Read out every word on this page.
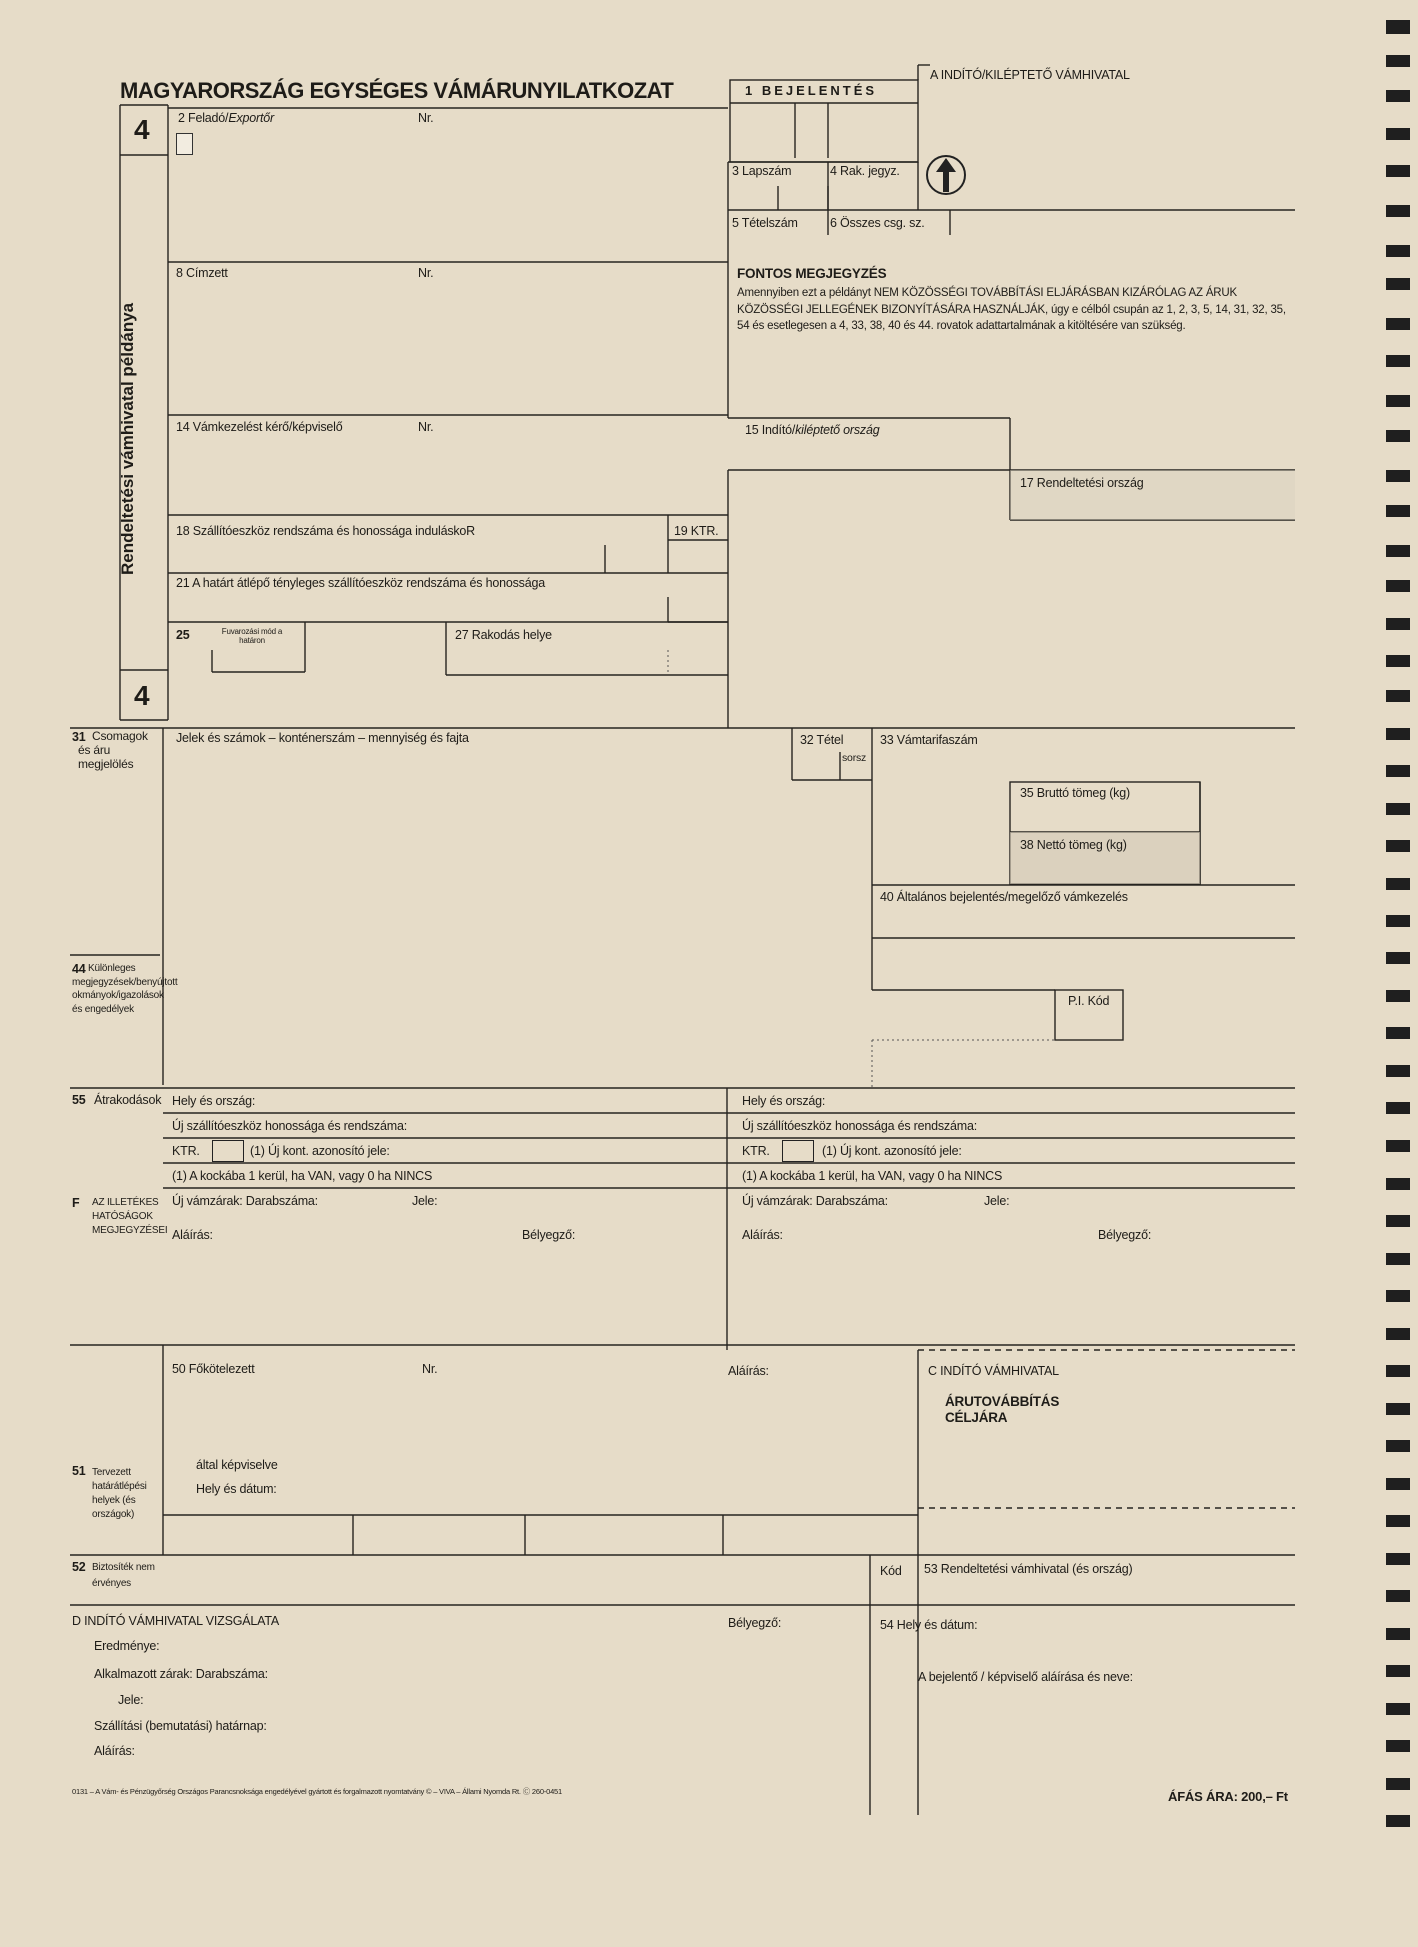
MAGYARORSZÁG EGYSÉGES VÁMÁRUNYILATKOZAT	1 BEJELENTÉS
A INDÍTÓ/KILÉPTETŐ VÁMHIVATAL
4
4
Rendeltetési vámhivatal példánya
2 Feladó/Exportőr	Nr.
3 Lapszám	4 Rak. jegyz.
5 Tételszám	6 Összes csg. sz.
8 Címzett	Nr.	FONTOS MEGJEGYZÉS
Amennyiben ezt a példányt NEM KÖZÖSSÉGI TOVÁBBÍTÁSI ELJÁRÁSBAN KIZÁRÓLAG AZ ÁRUK KÖZÖSSÉGI JELLEGÉNEK BIZONYÍTÁSÁRA HASZNÁLJÁK, úgy e célból csupán az 1, 2, 3, 5, 14, 31, 32, 35, 54 és esetlegesen a 4, 33, 38, 40 és 44. rovatok adattartalmának a kitöltésére van szükség.
14 Vámkezelést kérő/képviselő	Nr.	15 Indító/kiléptető ország
17 Rendeltetési ország
18 Szállítóeszköz rendszáma és honossága induláskoR	19 KTR.
21 A határt átlépő tényleges szállítóeszköz rendszáma és honossága
25	Fuvarozási mód a határon	27 Rakodás helye
31 Csomagok és áru megjelölés
Jelek és számok – konténerszám – mennyiség és fajta	32 Tétel
sorsz
33 Vámtarifaszám
35 Bruttó tömeg (kg)
38 Nettó tömeg (kg)
40 Általános bejelentés/megelőző vámkezelés
44 Különleges megjegyzések/benyújtott okmányok/igazolások és engedélyek
P.I. Kód
55 Átrakodások Hely és ország:
Új szállítóeszköz honossága és rendszáma:
KTR.	(1) Új kont. azonosító jele:
(1) A kockába 1 kerül, ha VAN, vagy 0 ha NINCS
Új vámzárak: Darabszáma:	Jele:
Aláírás:	Bélyegző:
Hely és ország:
Új szállítóeszköz honossága és rendszáma:
KTR.	(1) Új kont. azonosító jele:
(1) A kockába 1 kerül, ha VAN, vagy 0 ha NINCS
Új vámzárak: Darabszáma:	Jele:
Aláírás:	Bélyegző:
F AZ ILLETÉKES HATÓSÁGOK MEGJEGYZÉSEI
50 Főkötelezett	Nr.	Aláírás:
által képviselve
Hely és dátum:
C INDÍTÓ VÁMHIVATAL
ÁRUTOVÁBBÍTÁS CÉLJÁRA
51 Tervezett határátlépési helyek (és országok)
52 Biztosíték nem érvényes
Kód 53 Rendeltetési vámhivatal (és ország)
D INDÍTÓ VÁMHIVATAL VIZSGÁLATA
Eredménye:
Alkalmazott zárak: Darabszáma:
Jele:
Szállítási (bemutatási) határnap:
Aláírás:
Bélyegző:	54 Hely és dátum:
A bejelentő / képviselő aláírása és neve:
0131 – A Vám- és Pénzügyőrség Országos Parancsnoksága engedélyével gyártott és forgalmazott nyomtatvány © – VIVA – Állami Nyomda Rt. Ⓒ 260-0451	ÁFÁS ÁRA: 200,– Ft
